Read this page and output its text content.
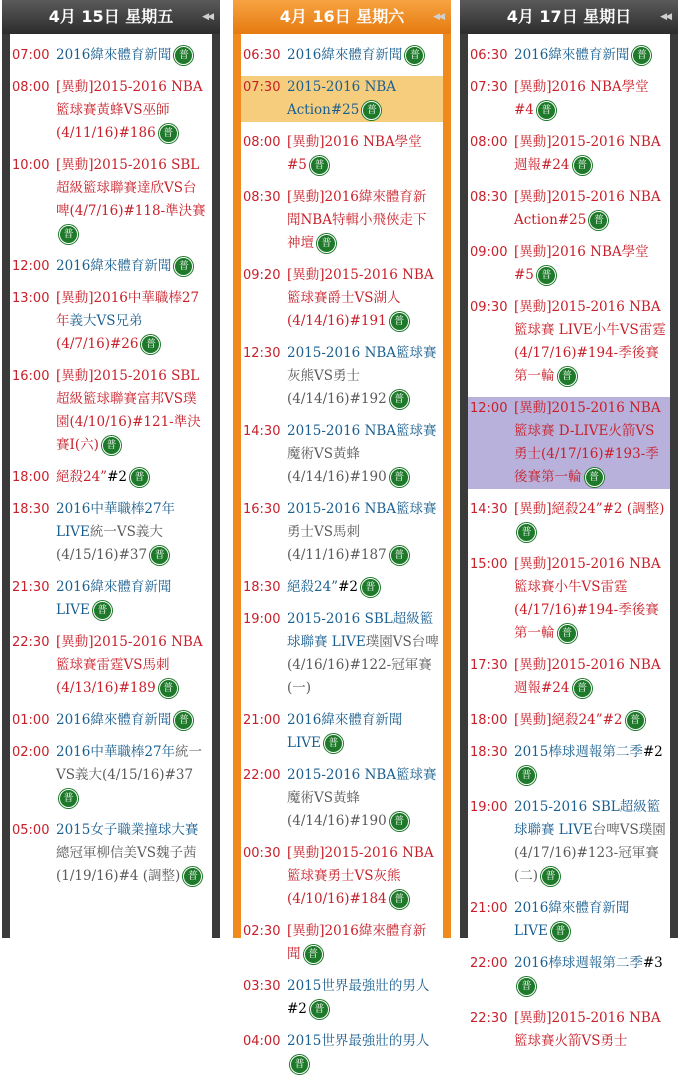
4月 15日 星期五	◀◀
07:00 2016緯來體育新聞 普
08:00 [異動]2015-2016 NBA籃球賽黃蜂VS巫師(4/11/16)#186 普
10:00 [異動]2015-2016 SBL超級籃球聯賽達欣VS台啤(4/7/16)#118-準決賽普
12:00 2016緯來體育新聞 普
13:00 [異動]2016中華職棒27年義大VS兄弟(4/7/16)#26 普
16:00 [異動]2015-2016 SBL超級籃球聯賽富邦VS璞園(4/10/16)#121-準決賽I(六) 普
18:00 絕殺24”#2 普
18:30 2016中華職棒27年 LIVE統一VS義大(4/15/16)#37 普
21:30 2016緯來體育新聞 LIVE 普
22:30 [異動]2015-2016 NBA籃球賽雷霆VS馬刺(4/13/16)#189 普
01:00 2016緯來體育新聞 普
02:00 2016中華職棒27年統一VS義大(4/15/16)#37普
05:00 2015女子職業撞球大賽總冠軍柳信美VS魏子茜(1/19/16)#4 (調整) 普
4月 16日 星期六	◀◀
06:30 2016緯來體育新聞 普
07:30 2015-2016 NBA Action#25 普
08:00 [異動]2016 NBA學堂#5 普
08:30 [異動]2016緯來體育新聞NBA特輯小飛俠走下神壇 普
09:20 [異動]2015-2016 NBA籃球賽爵士VS湖人(4/14/16)#191 普
12:30 2015-2016 NBA籃球賽灰熊VS勇士(4/14/16)#192 普
14:30 2015-2016 NBA籃球賽魔術VS黃蜂(4/14/16)#190 普
16:30 2015-2016 NBA籃球賽勇士VS馬刺(4/11/16)#187 普
18:30 絕殺24”#2 普
19:00 2015-2016 SBL超級籃球聯賽 LIVE璞園VS台啤(4/16/16)#122-冠軍賽(一)
21:00 2016緯來體育新聞 LIVE 普
22:00 2015-2016 NBA籃球賽魔術VS黃蜂(4/14/16)#190 普
00:30 [異動]2015-2016 NBA籃球賽勇士VS灰熊(4/10/16)#184 普
02:30 [異動]2016緯來體育新聞 普
03:30 2015世界最強壯的男人#2 普
04:00 2015世界最強壯的男人普
4月 17日 星期日	◀◀
06:30 2016緯來體育新聞 普
07:30 [異動]2016 NBA學堂#4 普
08:00 [異動]2015-2016 NBA週報#24 普
08:30 [異動]2015-2016 NBA Action#25 普
09:00 [異動]2016 NBA學堂#5 普
09:30 [異動]2015-2016 NBA籃球賽 LIVE小牛VS雷霆(4/17/16)#194-季後賽第一輪 普
12:00 [異動]2015-2016 NBA籃球賽 D-LIVE火箭VS勇士(4/17/16)#193-季後賽第一輪 普
14:30 [異動]絕殺24”#2 (調整)普
15:00 [異動]2015-2016 NBA籃球賽小牛VS雷霆(4/17/16)#194-季後賽第一輪 普
17:30 [異動]2015-2016 NBA週報#24 普
18:00 [異動]絕殺24”#2 普
18:30 2015棒球週報第二季#2普
19:00 2015-2016 SBL超級籃球聯賽 LIVE台啤VS璞園(4/17/16)#123-冠軍賽(二) 普
21:00 2016緯來體育新聞 LIVE 普
22:00 2016棒球週報第二季#3普
22:30 [異動]2015-2016 NBA籃球賽火箭VS勇士
